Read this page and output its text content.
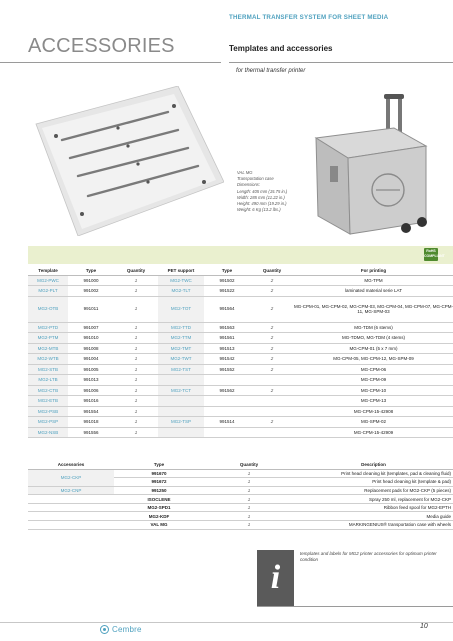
THERMAL TRANSFER SYSTEM FOR SHEET MEDIA
ACCESSORIES	Templates and accessories
for thermal transfer printer
VAL MG
Transportation case
Dimensions:
Length: 405 mm (15.75 in.)
Width: 285 mm (11.22 in.)
Height: 490 mm (19.29 in.)
Weight: 6 Kg (13.2 lbs.)
RoHS COMPLIANT
Template	Type	Quantity	PET support	Type	Quantity	For printing
MG2-PWC	991000	1	MG2-TWC	991502	2	MG-TPM
MG2-PLT	991002	1	MG2-TLT	991522	2	laminated material serie LAT
MG2-OTB	991011	1	MG2-TOT	991564	2	MG-CPM-01, MG-CPM-02, MG-CPM-03, MG-CPM-04, MG-CPM-07, MG-CPM-11, MG-SPM-03
MG2-PTD	991007	1	MG2-TTD	991563	2	MG-TDM (6 stems)
MG2-PTM	991010	1	MG2-TTM	991561	2	MG-TDMO, MG-TDM (4 stems)
MG2-MTB	991008	1	MG2-TMT	991513	2	MG-CPM-01 (5 x 7 mm)
MG2-WTB	991004	1	MG2-TWT	991542	2	MG-CPM-05, MG-CPM-12, MG-SPM-09
MG2-STB	991005	1	MG2-TST	991552	2	MG-CPM-06
MG2-LTB	991013	1				MG-CPM-09
MG2-CTB	991006	1	MG2-TCT	991562	2	MG-CPM-10
MG2-ETB	991016	1				MG-CPM-13
MG2-PSB	991554	1				MG-CPM-15-42908
MG2-PSP	991018	1	MG2-TSP	991514	2	MG-SPM-02
MG2-NSB	991556	1				MG-CPM-15-42909
Accessories	Type	Quantity	Description
MG2-CKP	991670	1	Print head cleaning kit (templates, pad & cleaning fluid)
	991672	1	Print head cleaning kit (template & pad)
MG2-CNP	991250	1	Replacement pads for MG2-CKP (5 pieces)
	ISOCLENE	1	Spray 250 ml, replacement for MG2-CKP
	MG2-SPD1	1	Ribbon feed spool for MG2-EPTH
	MG2-KDF	1	Media guide
	VAL MG	1	MARKINGENIUS® transportation case with wheels
i
templates and labels for MG2 printer accessories for optimum printer condition
Cembre	10
